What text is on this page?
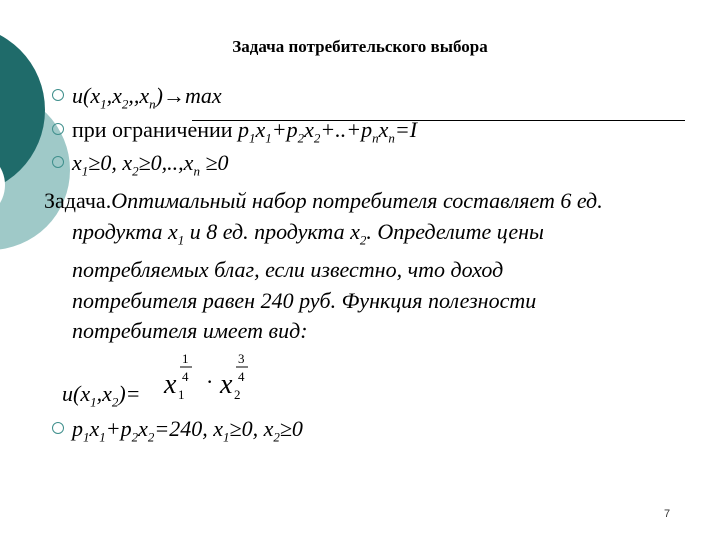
Задача потребительского выбора
$u(x_1,x_2,,x_n)\to\max$
при ограничении $p_1x_1+p_2x_2+..+p_nx_n=I$
$x_1\ge 0$, $x_2\ge 0,..,x_n \ge 0$
Задача.Оптимальный набор потребителя составляет 6 ед.
продукта $x_1$ и 8 ед. продукта $x_2$. Определите цены
потребляемых благ, если известно, что доход
потребителя равен 240 руб. Функция полезности
потребителя имеет вид:
$u(x_1,x_2)= x$ 1
1
4 · x 2
3
4
$p_1x_1+p_2x_2=240$, $x_1\ge 0$, $x_2\ge 0$
7
